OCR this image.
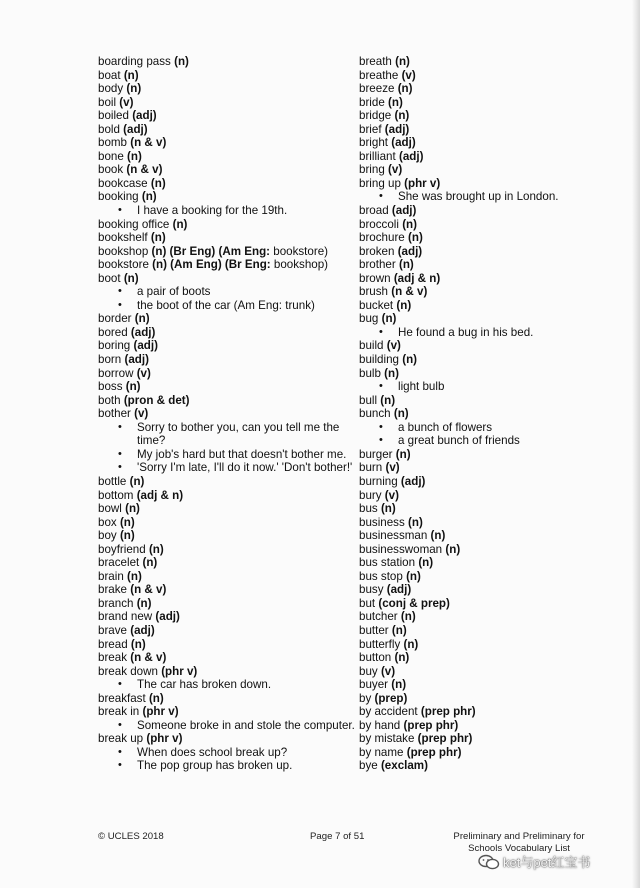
boarding pass (n)
boat (n)
body (n)
boil (v)
boiled (adj)
bold (adj)
bomb (n & v)
bone (n)
book (n & v)
bookcase (n)
booking (n)
• I have a booking for the 19th.
booking office (n)
bookshelf (n)
bookshop (n) (Br Eng) (Am Eng: bookstore)
bookstore (n) (Am Eng) (Br Eng: bookshop)
boot (n)
• a pair of boots
• the boot of the car (Am Eng: trunk)
border (n)
bored (adj)
boring (adj)
born (adj)
borrow (v)
boss (n)
both (pron & det)
bother (v)
• Sorry to bother you, can you tell me the time?
• My job's hard but that doesn't bother me.
• 'Sorry I'm late, I'll do it now.' 'Don't bother!'
bottle (n)
bottom (adj & n)
bowl (n)
box (n)
boy (n)
boyfriend (n)
bracelet (n)
brain (n)
brake (n & v)
branch (n)
brand new (adj)
brave (adj)
bread (n)
break (n & v)
break down (phr v)
• The car has broken down.
breakfast (n)
break in (phr v)
• Someone broke in and stole the computer.
break up (phr v)
• When does school break up?
• The pop group has broken up.
breath (n)
breathe (v)
breeze (n)
bride (n)
bridge (n)
brief (adj)
bright (adj)
brilliant (adj)
bring (v)
bring up (phr v)
• She was brought up in London.
broad (adj)
broccoli (n)
brochure (n)
broken (adj)
brother (n)
brown (adj & n)
brush (n & v)
bucket (n)
bug (n)
• He found a bug in his bed.
build (v)
building (n)
bulb (n)
• light bulb
bull (n)
bunch (n)
• a bunch of flowers
• a great bunch of friends
burger (n)
burn (v)
burning (adj)
bury (v)
bus (n)
business (n)
businessman (n)
businesswoman (n)
bus station (n)
bus stop (n)
busy (adj)
but (conj & prep)
butcher (n)
butter (n)
butterfly (n)
button (n)
buy (v)
buyer (n)
by (prep)
by accident (prep phr)
by hand (prep phr)
by mistake (prep phr)
by name (prep phr)
bye (exclam)
© UCLES 2018	Page 7 of 51	Preliminary and Preliminary for
Schools Vocabulary List
ket与pet红宝书
